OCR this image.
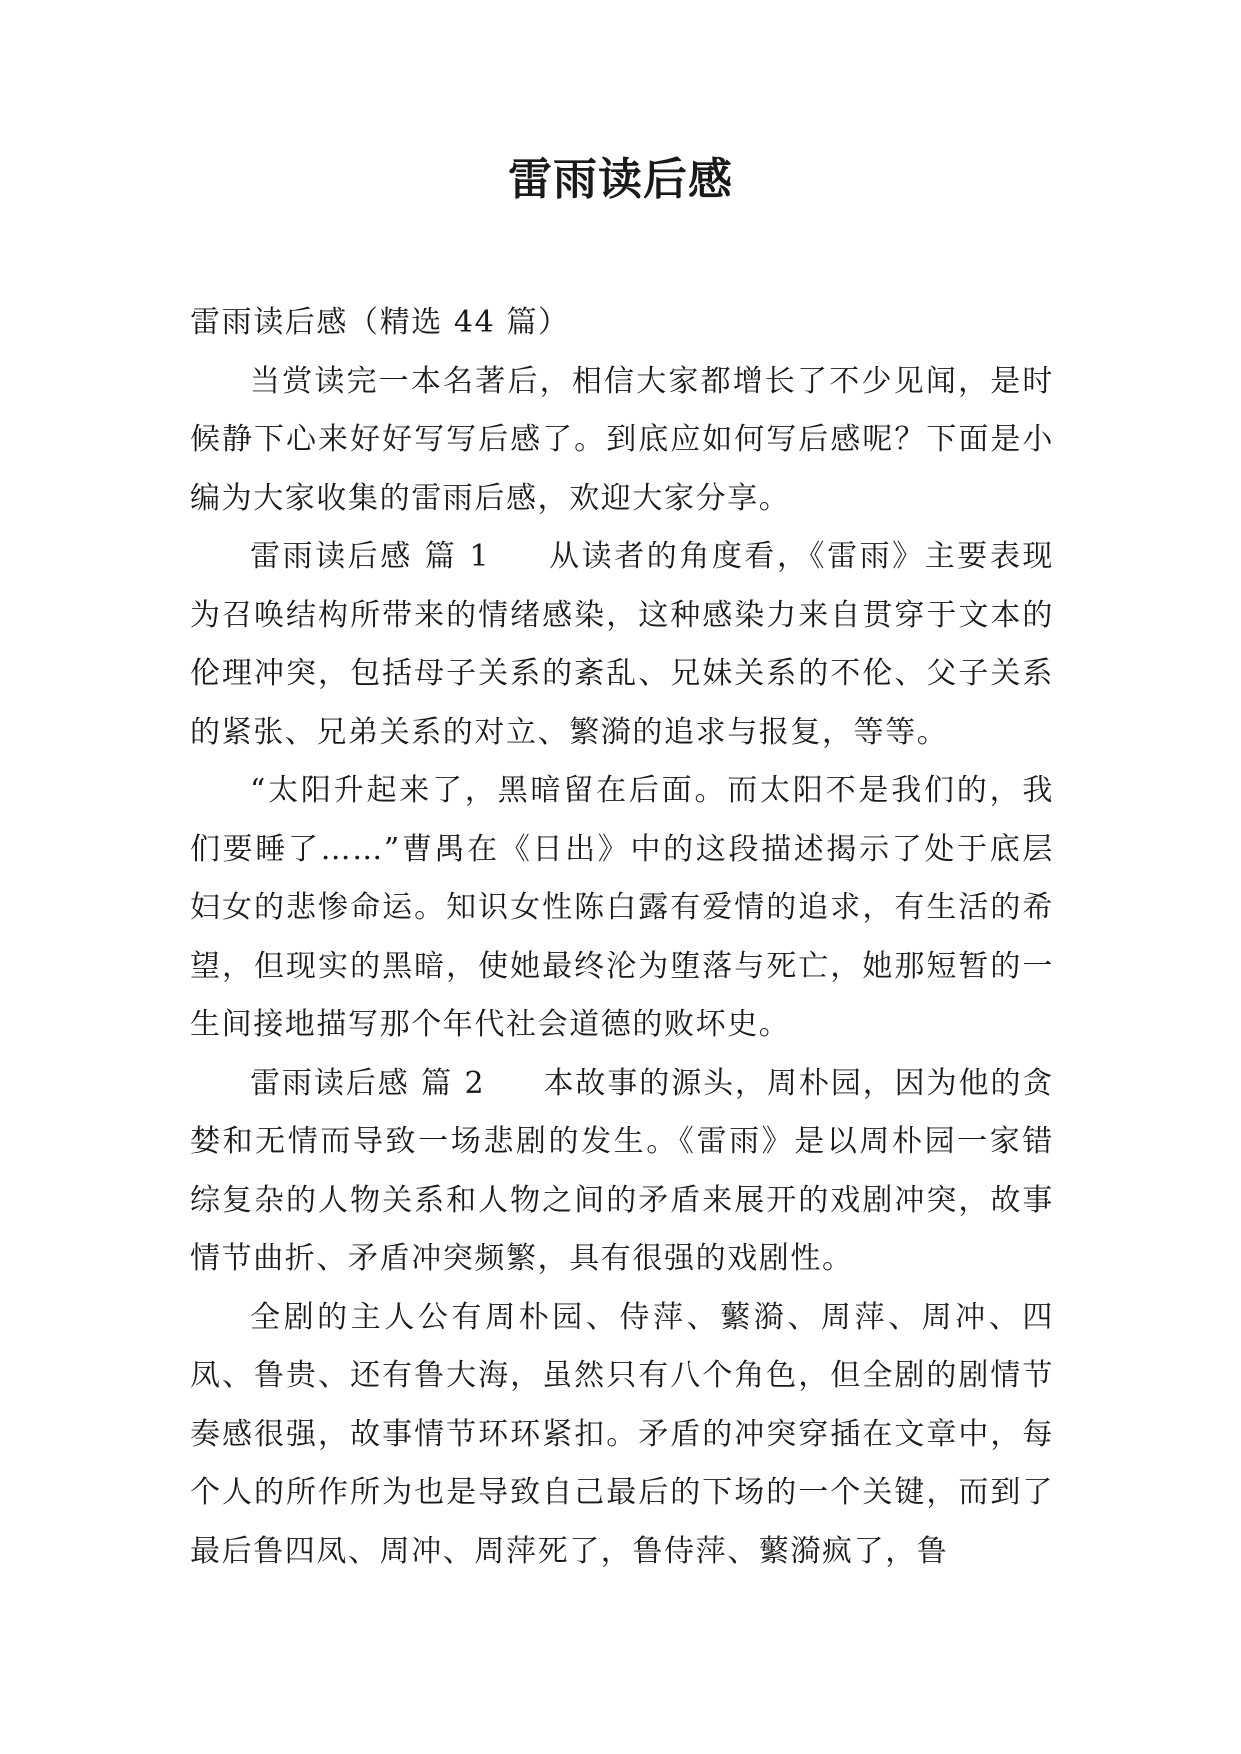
雷雨读后感

雷雨读后感（精选 44 篇）

当赏读完一本名著后，相信大家都增长了不少见闻，是时候静下心来好好写写后感了。到底应如何写后感呢？下面是小编为大家收集的雷雨后感，欢迎大家分享。

雷雨读后感 篇 1 从读者的角度看，《雷雨》主要表现为召唤结构所带来的情绪感染，这种感染力来自贯穿于文本的伦理冲突，包括母子关系的紊乱、兄妹关系的不伦、父子关系的紧张、兄弟关系的对立、繁漪的追求与报复，等等。

“太阳升起来了，黑暗留在后面。而太阳不是我们的，我们要睡了……”曹禺在《日出》中的这段描述揭示了处于底层妇女的悲惨命运。知识女性陈白露有爱情的追求，有生活的希望，但现实的黑暗，使她最终沦为堕落与死亡，她那短暂的一生间接地描写那个年代社会道德的败坏史。

雷雨读后感 篇 2 本故事的源头，周朴园，因为他的贪婪和无情而导致一场悲剧的发生。《雷雨》是以周朴园一家错综复杂的人物关系和人物之间的矛盾来展开的戏剧冲突，故事情节曲折、矛盾冲突频繁，具有很强的戏剧性。

全剧的主人公有周朴园、侍萍、蘩漪、周萍、周冲、四凤、鲁贵、还有鲁大海，虽然只有八个角色，但全剧的剧情节奏感很强，故事情节环环紧扣。矛盾的冲突穿插在文章中，每个人的所作所为也是导致自己最后的下场的一个关键，而到了最后鲁四凤、周冲、周萍死了，鲁侍萍、蘩漪疯了，鲁
